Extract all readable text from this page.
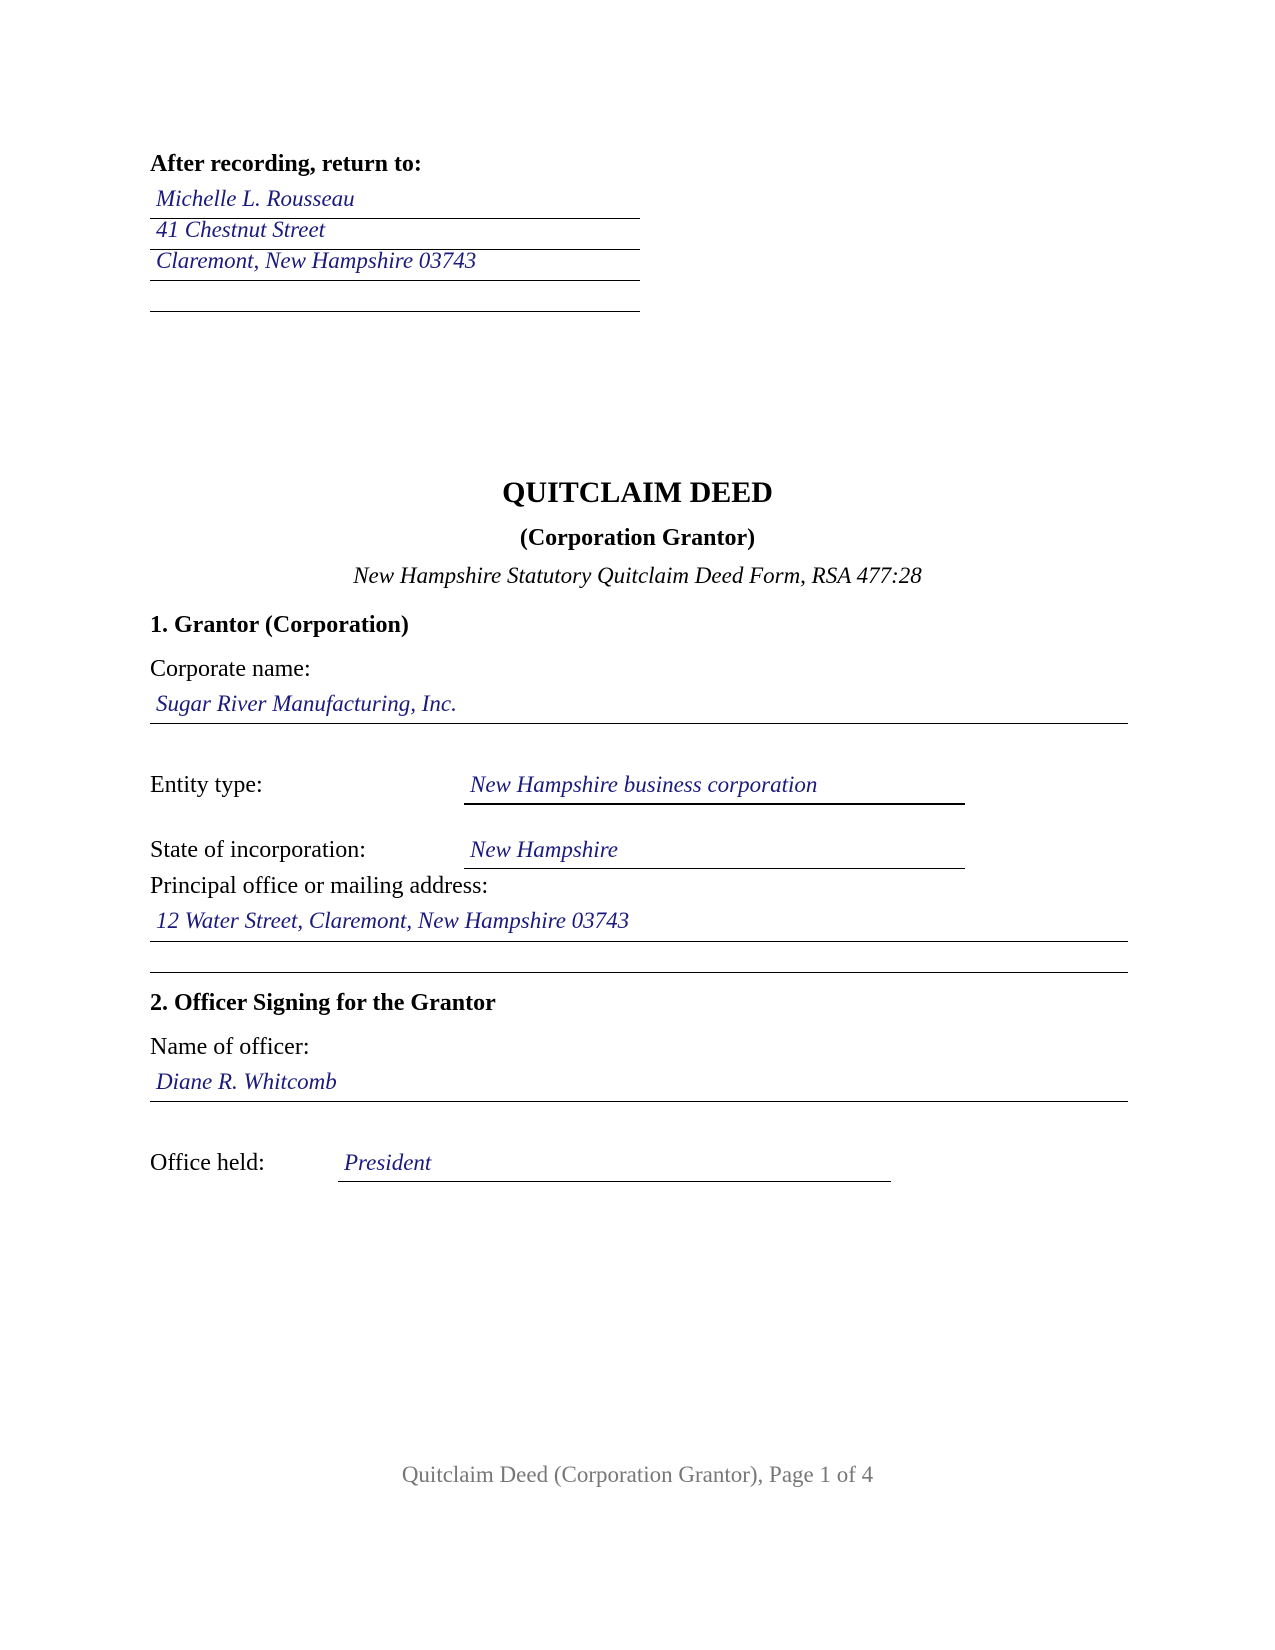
After recording, return to:
Michelle L. Rousseau
41 Chestnut Street
Claremont, New Hampshire 03743
QUITCLAIM DEED
(Corporation Grantor)
New Hampshire Statutory Quitclaim Deed Form, RSA 477:28
1. Grantor (Corporation)
Corporate name:
Sugar River Manufacturing, Inc.
Entity type:	New Hampshire business corporation
State of incorporation:	New Hampshire
Principal office or mailing address:
12 Water Street, Claremont, New Hampshire 03743
2. Officer Signing for the Grantor
Name of officer:
Diane R. Whitcomb
Office held:	President
Quitclaim Deed (Corporation Grantor), Page 1 of 4
